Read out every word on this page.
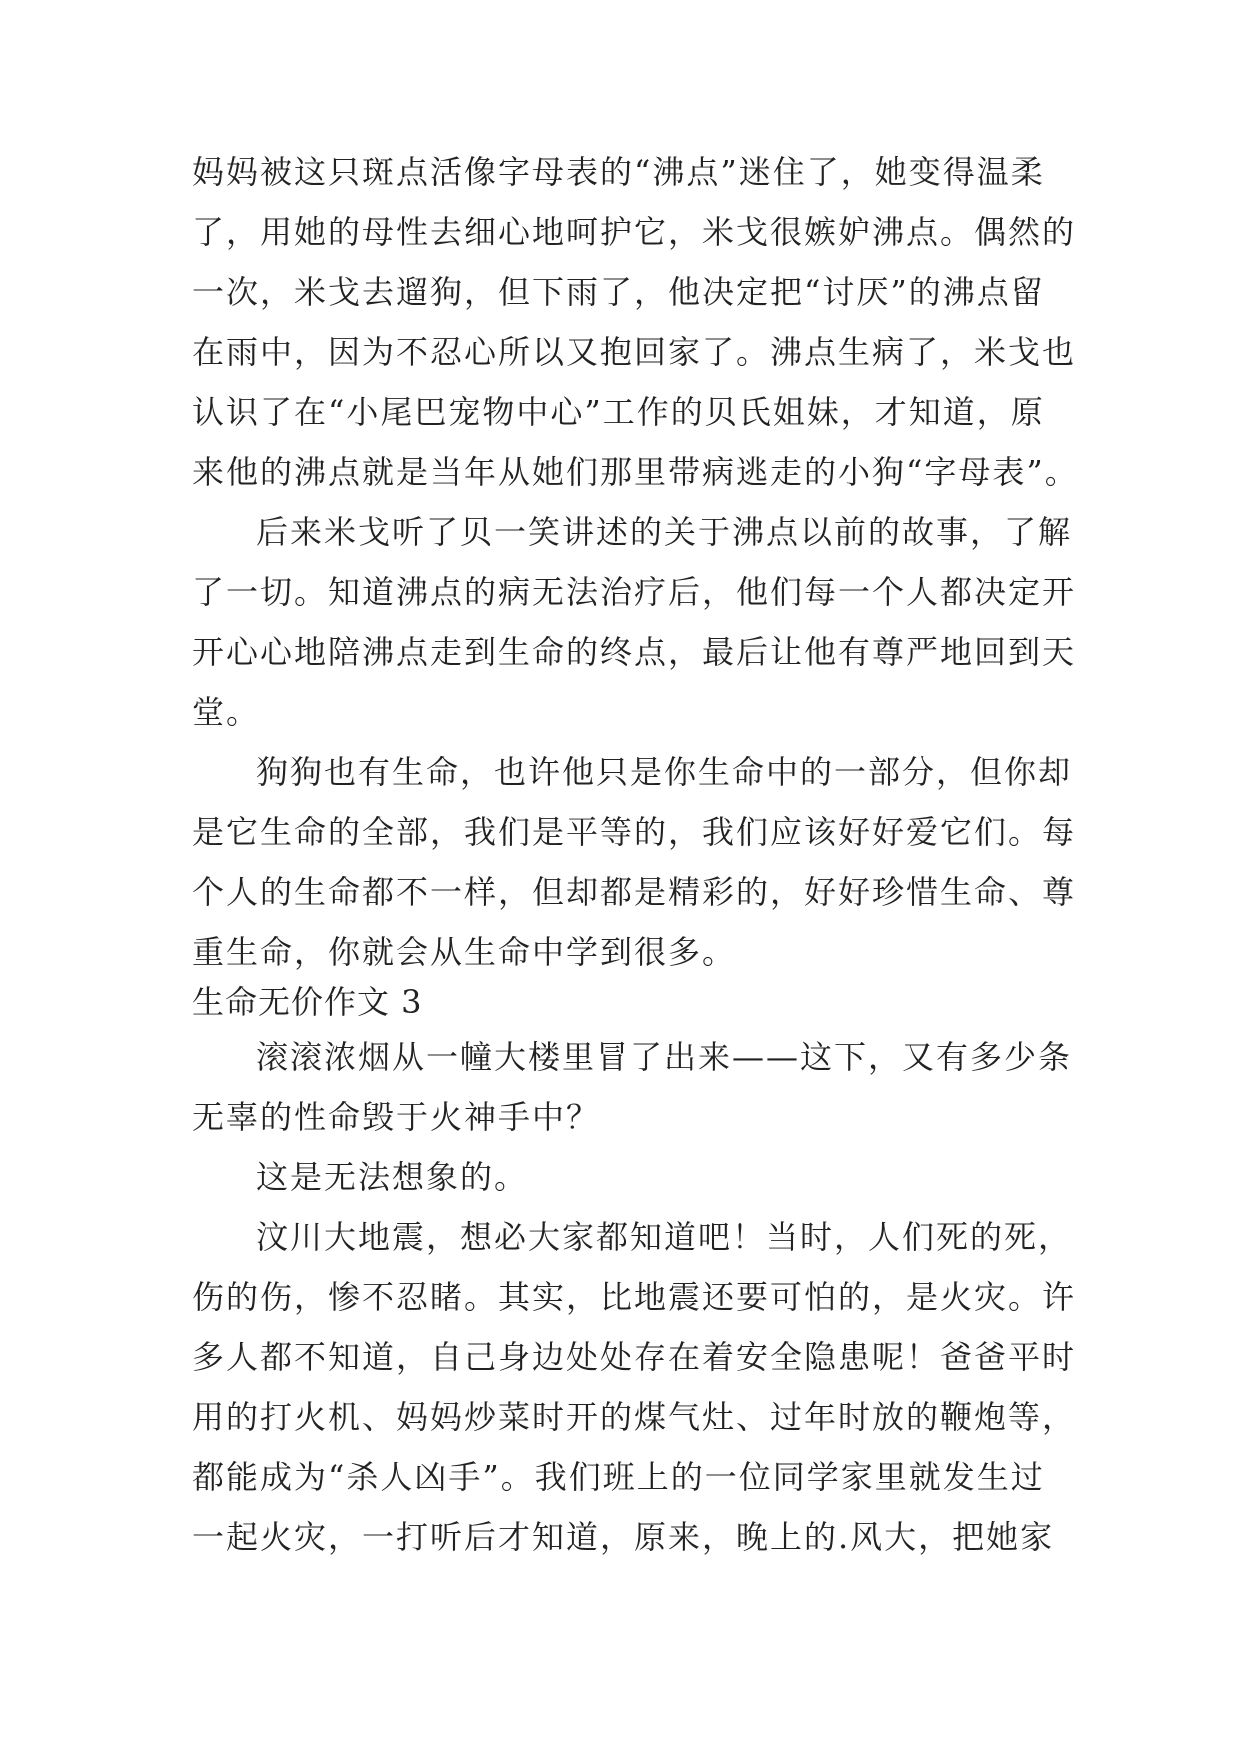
妈妈被这只斑点活像字母表的“沸点”迷住了，她变得温柔
了，用她的母性去细心地呵护它，米戈很嫉妒沸点。偶然的
一次，米戈去遛狗，但下雨了，他决定把“讨厌”的沸点留
在雨中，因为不忍心所以又抱回家了。沸点生病了，米戈也
认识了在“小尾巴宠物中心”工作的贝氏姐妹，才知道，原
来他的沸点就是当年从她们那里带病逃走的小狗“字母表”。
后来米戈听了贝一笑讲述的关于沸点以前的故事，了解
了一切。知道沸点的病无法治疗后，他们每一个人都决定开
开心心地陪沸点走到生命的终点，最后让他有尊严地回到天
堂。
狗狗也有生命，也许他只是你生命中的一部分，但你却
是它生命的全部，我们是平等的，我们应该好好爱它们。每
个人的生命都不一样，但却都是精彩的，好好珍惜生命、尊
重生命，你就会从生命中学到很多。
生命无价作文 3
滚滚浓烟从一幢大楼里冒了出来——这下，又有多少条
无辜的性命毁于火神手中？
这是无法想象的。
汶川大地震，想必大家都知道吧！当时，人们死的死，
伤的伤，惨不忍睹。其实，比地震还要可怕的，是火灾。许
多人都不知道，自己身边处处存在着安全隐患呢！爸爸平时
用的打火机、妈妈炒菜时开的煤气灶、过年时放的鞭炮等，
都能成为“杀人凶手”。我们班上的一位同学家里就发生过
一起火灾，一打听后才知道，原来，晚上的.风大，把她家
